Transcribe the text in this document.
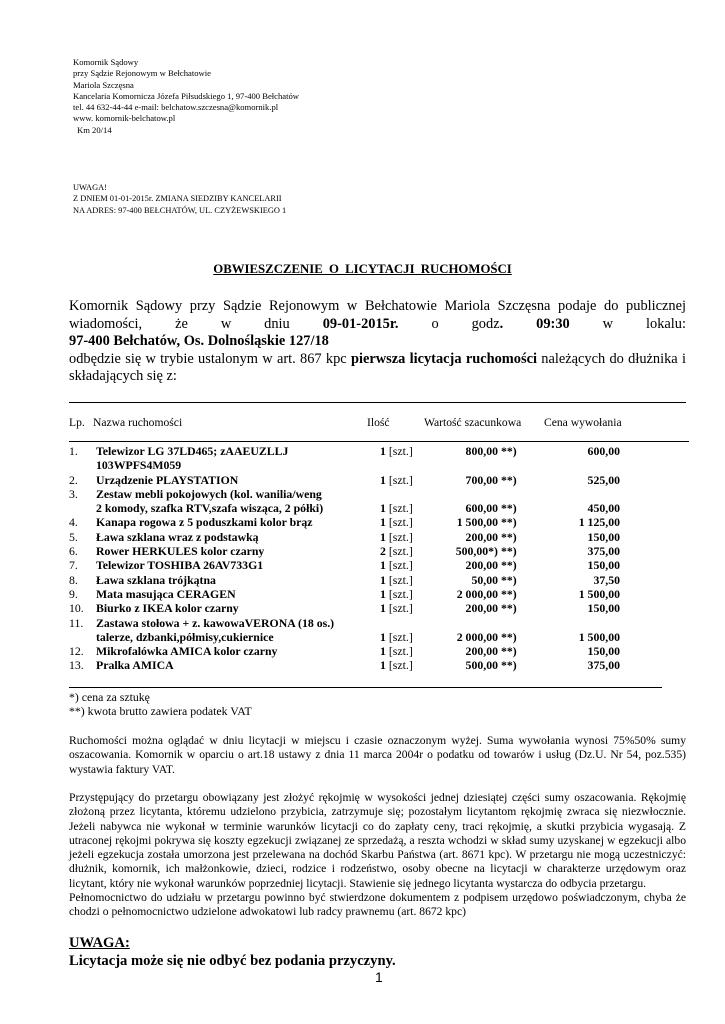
Komornik Sądowy
przy Sądzie Rejonowym w Bełchatowie
Mariola Szczęsna
Kancelaria Komornicza Józefa Piłsudskiego 1, 97-400 Bełchatów
tel. 44 632-44-44 e-mail: belchatow.szczesna@komornik.pl
www. komornik-belchatow.pl
Km 20/14
UWAGA!
Z DNIEM 01-01-2015r. ZMIANA SIEDZIBY KANCELARII
NA ADRES: 97-400 BEŁCHATÓW, UL. CZYŻEWSKIEGO 1
OBWIESZCZENIE O LICYTACJI RUCHOMOŚCI

Komornik Sądowy przy Sądzie Rejonowym w Bełchatowie Mariola Szczęsna podaje do publicznej wiadomości, że w dniu 09-01-2015r. o godz. 09:30 w lokalu:

97-400 Bełchatów, Os. Dolnośląskie 127/18

odbędzie się w trybie ustalonym w art. 867 kpc pierwsza licytacja ruchomości należących do dłużnika i składających się z:

Lp. Nazwa ruchomości	Ilość	Wartość szacunkowa Cena wywołania
1. Telewizor LG 37LD465; zAAEUZLLJ	1 [szt.]	800,00 **)	600,00
103WPFS4M059
2. Urządzenie PLAYSTATION	1 [szt.]	700,00 **)	525,00
3. Zestaw mebli pokojowych (kol. wanilia/weng
2 komody, szafka RTV,szafa wisząca, 2 półki)	1 [szt.]	600,00 **)	450,00
4. Kanapa rogowa z 5 poduszkami kolor brąz	1 [szt.]	1 500,00 **)	1 125,00
5. Ława szklana wraz z podstawką	1 [szt.]	200,00 **)	150,00
6. Rower HERKULES kolor czarny	2 [szt.]	500,00*) **)	375,00
7. Telewizor TOSHIBA 26AV733G1	1 [szt.]	200,00 **)	150,00
8. Ława szklana trójkątna	1 [szt.]	50,00 **)	37,50
9. Mata masująca CERAGEN	1 [szt.]	2 000,00 **)	1 500,00
10. Biurko z IKEA kolor czarny	1 [szt.]	200,00 **)	150,00
11. Zastawa stołowa + z. kawowaVERONA (18 os.)
talerze, dzbanki,półmisy,cukiernice	1 [szt.]	2 000,00 **)	1 500,00
12. Mikrofalówka AMICA kolor czarny	1 [szt.]	200,00 **)	150,00
13. Pralka AMICA	1 [szt.]	500,00 **)	375,00
*) cena za sztukę
**) kwota brutto zawiera podatek VAT

Ruchomości można oglądać w dniu licytacji w miejscu i czasie oznaczonym wyżej. Suma wywołania wynosi 75%50% sumy oszacowania. Komornik w oparciu o art.18 ustawy z dnia 11 marca 2004r o podatku od towarów i usług (Dz.U. Nr 54, poz.535) wystawia faktury VAT.

Przystępujący do przetargu obowiązany jest złożyć rękojmię w wysokości jednej dziesiątej części sumy oszacowania. Rękojmię złożoną przez licytanta, któremu udzielono przybicia, zatrzymuje się; pozostałym licytantom rękojmię zwraca się niezwłocznie. Jeżeli nabywca nie wykonał w terminie warunków licytacji co do zapłaty ceny, traci rękojmię, a skutki przybicia wygasają. Z utraconej rękojmi pokrywa się koszty egzekucji związanej ze sprzedażą, a reszta wchodzi w skład sumy uzyskanej w egzekucji albo jeżeli egzekucja została umorzona jest przelewana na dochód Skarbu Państwa (art. 8671 kpc). W przetargu nie mogą uczestniczyć: dłużnik, komornik, ich małżonkowie, dzieci, rodzice i rodzeństwo, osoby obecne na licytacji w charakterze urzędowym oraz licytant, który nie wykonał warunków poprzedniej licytacji. Stawienie się jednego licytanta wystarcza do odbycia przetargu.

Pełnomocnictwo do udziału w przetargu powinno być stwierdzone dokumentem z podpisem urzędowo poświadczonym, chyba że chodzi o pełnomocnictwo udzielone adwokatowi lub radcy prawnemu (art. 8672 kpc)

UWAGA:
Licytacja może się nie odbyć bez podania przyczyny.
1
